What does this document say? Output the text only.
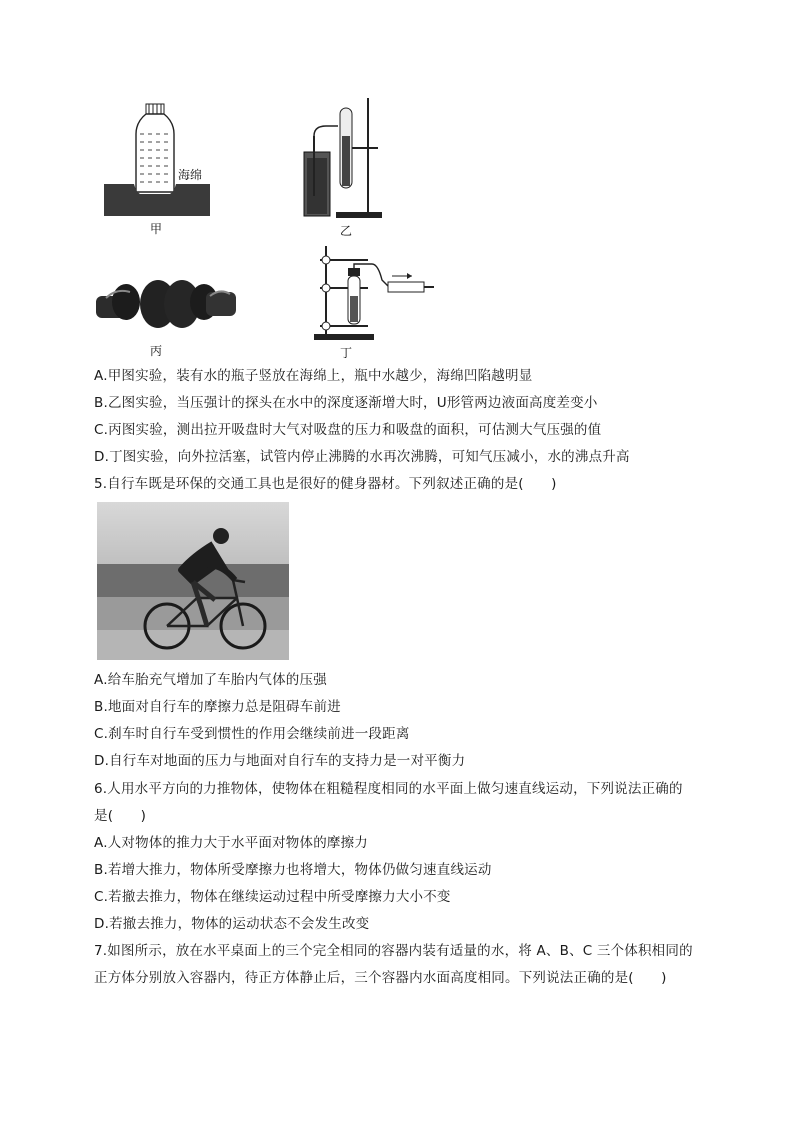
海绵
甲	乙
丙	丁
A.甲图实验，装有水的瓶子竖放在海绵上，瓶中水越少，海绵凹陷越明显
B.乙图实验，当压强计的探头在水中的深度逐渐增大时，U形管两边液面高度差变小
C.丙图实验，测出拉开吸盘时大气对吸盘的压力和吸盘的面积，可估测大气压强的值
D.丁图实验，向外拉活塞，试管内停止沸腾的水再次沸腾，可知气压减小，水的沸点升高
5.自行车既是环保的交通工具也是很好的健身器材。下列叙述正确的是(　　)
A.给车胎充气增加了车胎内气体的压强
B.地面对自行车的摩擦力总是阻碍车前进
C.刹车时自行车受到惯性的作用会继续前进一段距离
D.自行车对地面的压力与地面对自行车的支持力是一对平衡力
6.人用水平方向的力推物体，使物体在粗糙程度相同的水平面上做匀速直线运动，下列说法正确的
是(　　)
A.人对物体的推力大于水平面对物体的摩擦力
B.若增大推力，物体所受摩擦力也将增大，物体仍做匀速直线运动
C.若撤去推力，物体在继续运动过程中所受摩擦力大小不变
D.若撤去推力，物体的运动状态不会发生改变
7.如图所示，放在水平桌面上的三个完全相同的容器内装有适量的水，将 A、B、C 三个体积相同的
正方体分别放入容器内，待正方体静止后，三个容器内水面高度相同。下列说法正确的是(　　)
